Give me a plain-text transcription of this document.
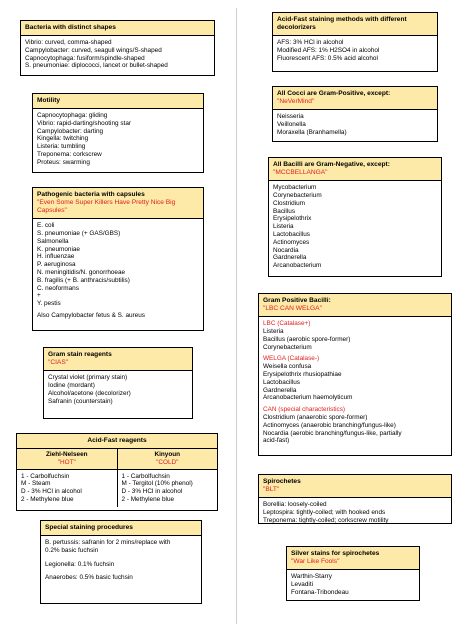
Bacteria with distinct shapes
Vibrio: curved, comma-shaped
Campylobacter: curved, seagull wings/S-shaped
Capnocytophaga: fusiform/spindle-shaped
S. pneumoniae: diplococci, lancet or bullet-shaped
Motility
Capnocytophaga: gliding
Vibrio: rapid-darting/shooting star
Campylobacter: darting
Kingella: twitching
Listeria: tumbling
Treponema: corkscrew
Proteus: swarming
Pathogenic bacteria with capsules
"Even Some Super Killers Have Pretty Nice Big Capsules"
E. coli
S. pneumoniae (+ GAS/GBS)
Salmonella
K. pneumoniae
H. influenzae
P. aeruginosa
N. meningitidis/N. gonorrhoeae
B. fragilis (+ B. anthracis/subtilis)
C. neoformans
+
Y. pestis
Also Campylobacter fetus & S. aureus
Gram stain reagents
"CIAS"
Crystal violet (primary stain)
Iodine (mordant)
Alcohol/acetone (decolorizer)
Safranin (counterstain)
Acid-Fast reagents
Ziehl-Nelseen
"HOT"
1 - Carbolfuchsin
M - Steam
D - 3% HCl in alcohol
2 - Methylene blue
Kinyoun
"COLD"
1 - Carbolfuchsin
M - Tergitol (10% phenol)
D - 3% HCl in alcohol
2 - Methylene blue
Special staining procedures
B. pertussis: safranin for 2 mins/replace with
0.2% basic fuchsin
Legionella: 0.1% fuchsin
Anaerobes: 0.5% basic fuchsin
Acid-Fast staining methods with different
decolorizers
AFS: 3% HCl in alcohol
Modified AFS: 1% H2SO4 in alcohol
Fluorescent AFS: 0.5% acid alcohol
All Cocci are Gram-Positive, except:
"NeVerMind"
Neisseria
Veillonella
Moraxella (Branhamella)
All Bacilli are Gram-Negative, except:
"MCCBELLANGA"
Mycobacterium
Corynebacterium
Clostridium
Bacillus
Erysipelothrix
Listeria
Lactobacillus
Actinomyces
Nocardia
Gardnerella
Arcanobacterium
Gram Positive Bacilli:
"LBC CAN WELGA"
LBC (Catalase+)
Listeria
Bacillus (aerobic spore-former)
Corynebacterium
WELGA (Catalase-)
Weisella confusa
Erysipelothrix rhusiopathiae
Lactobacillus
Gardnerella
Arcanobacterium haemolyticum
CAN (special characteristics)
Clostridium (anaerobic spore-former)
Actinomyces (anaerobic branching/fungus-like)
Nocardia (aerobic branching/fungus-like, partially
acid-fast)
Spirochetes
"BLT"
Borellia: loosely-coiled
Leptospira: tightly-coiled; with hooked ends
Treponema: tightly-coiled; corkscrew motility
Silver stains for spirochetes
"War Like Fools"
Warthin-Starry
Levaditi
Fontana-Tribondeau
